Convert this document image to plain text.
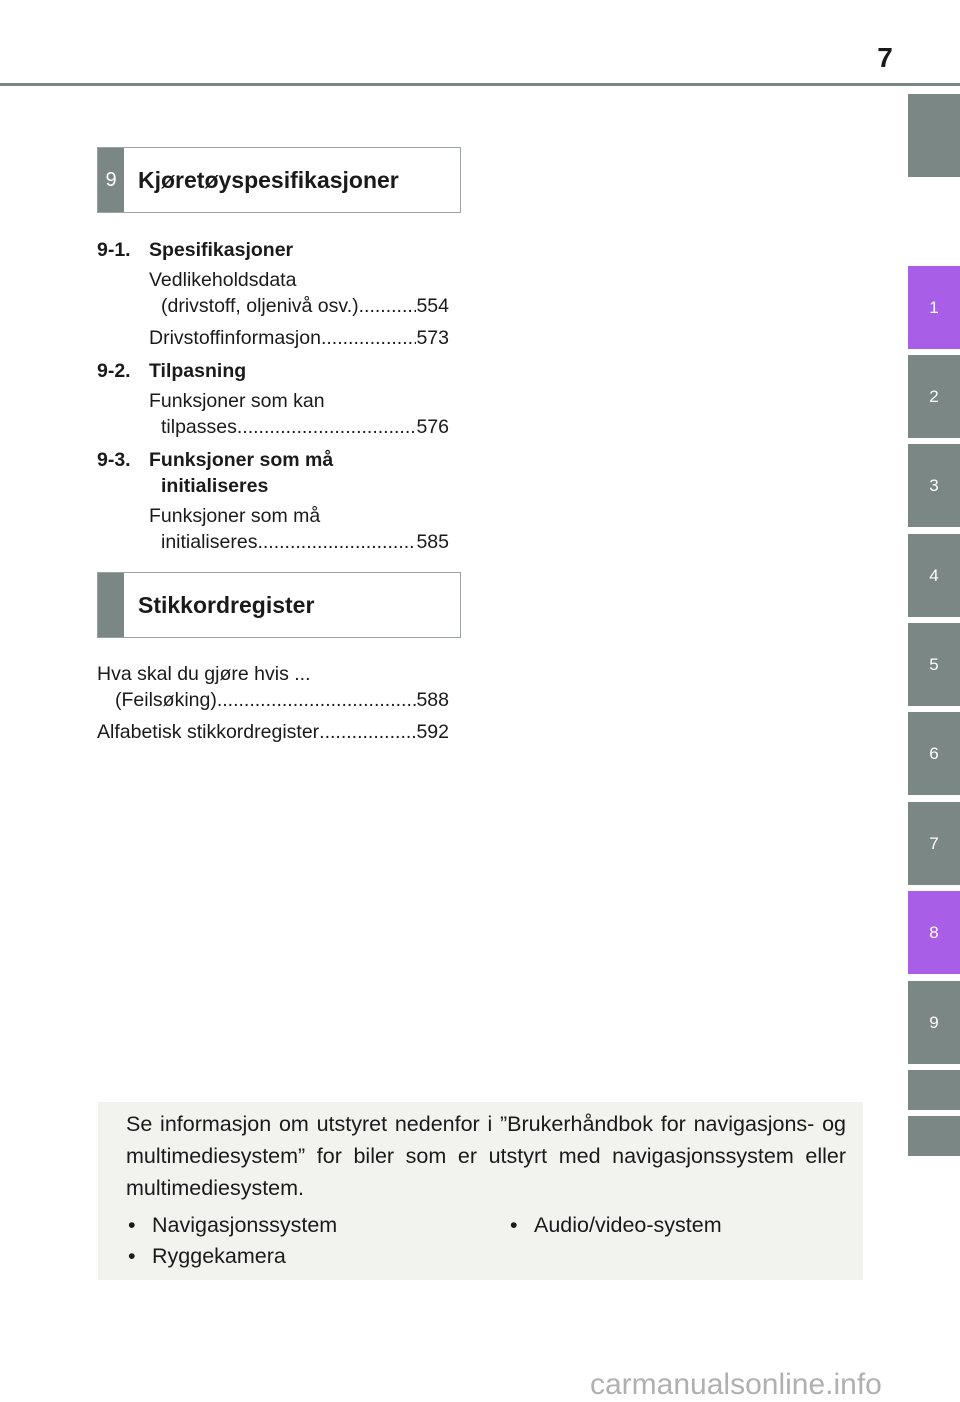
7
1
2
3
4
5
6
7
8
9
9 Kjøretøyspesifikasjoner
9-1. Spesifikasjoner
Vedlikeholdsdata
(drivstoff, oljenivå osv.) .....	554
Drivstoffinformasjon .....	573
9-2. Tilpasning
Funksjoner som kan
tilpasses .....	576
9-3. Funksjoner som må
initialiseres
Funksjoner som må
initialiseres .....	585
Stikkordregister
Hva skal du gjøre hvis ...
(Feilsøking) .....	588
Alfabetisk stikkordregister .....	592
Se informasjon om utstyret nedenfor i ”Brukerhåndbok for navigasjons- og multimediesystem” for biler som er utstyrt med navigasjonssystem eller multimediesystem.
• Navigasjonssystem	• Audio/video-system
• Ryggekamera
carmanualsonline.info
